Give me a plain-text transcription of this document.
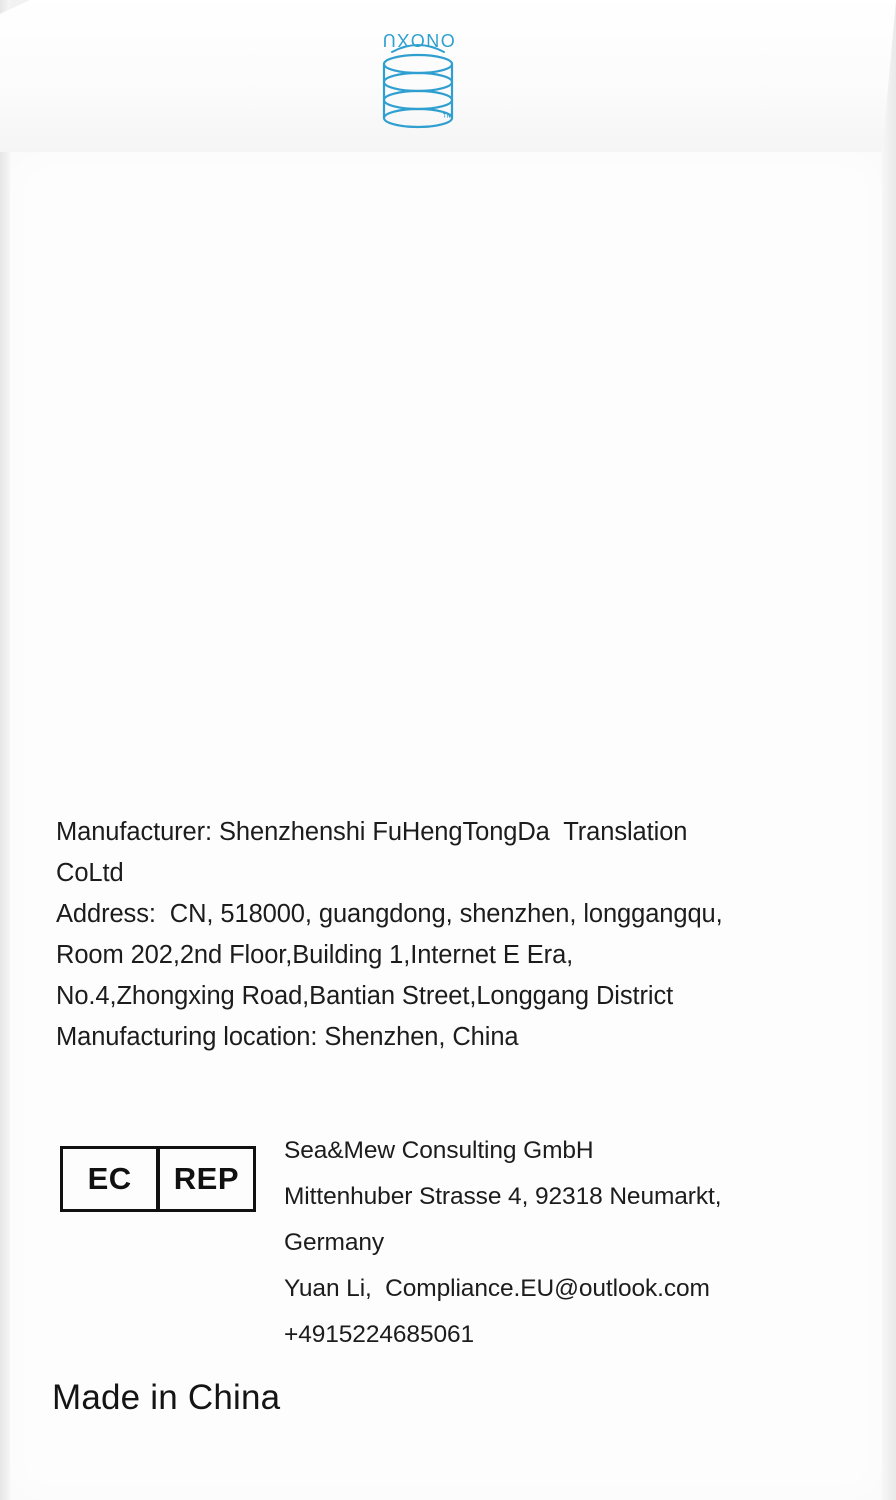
ONOXU
™
Manufacturer: Shenzhenshi FuHengTongDa  Translation
CoLtd
Address:  CN, 518000, guangdong, shenzhen, longgangqu,
Room 202,2nd Floor,Building 1,Internet E Era,
No.4,Zhongxing Road,Bantian Street,Longgang District
Manufacturing location: Shenzhen, China
EC	REP
Sea&Mew Consulting GmbH
Mittenhuber Strasse 4, 92318 Neumarkt,
Germany
Yuan Li,  Compliance.EU@outlook.com
+4915224685061
Made in China
